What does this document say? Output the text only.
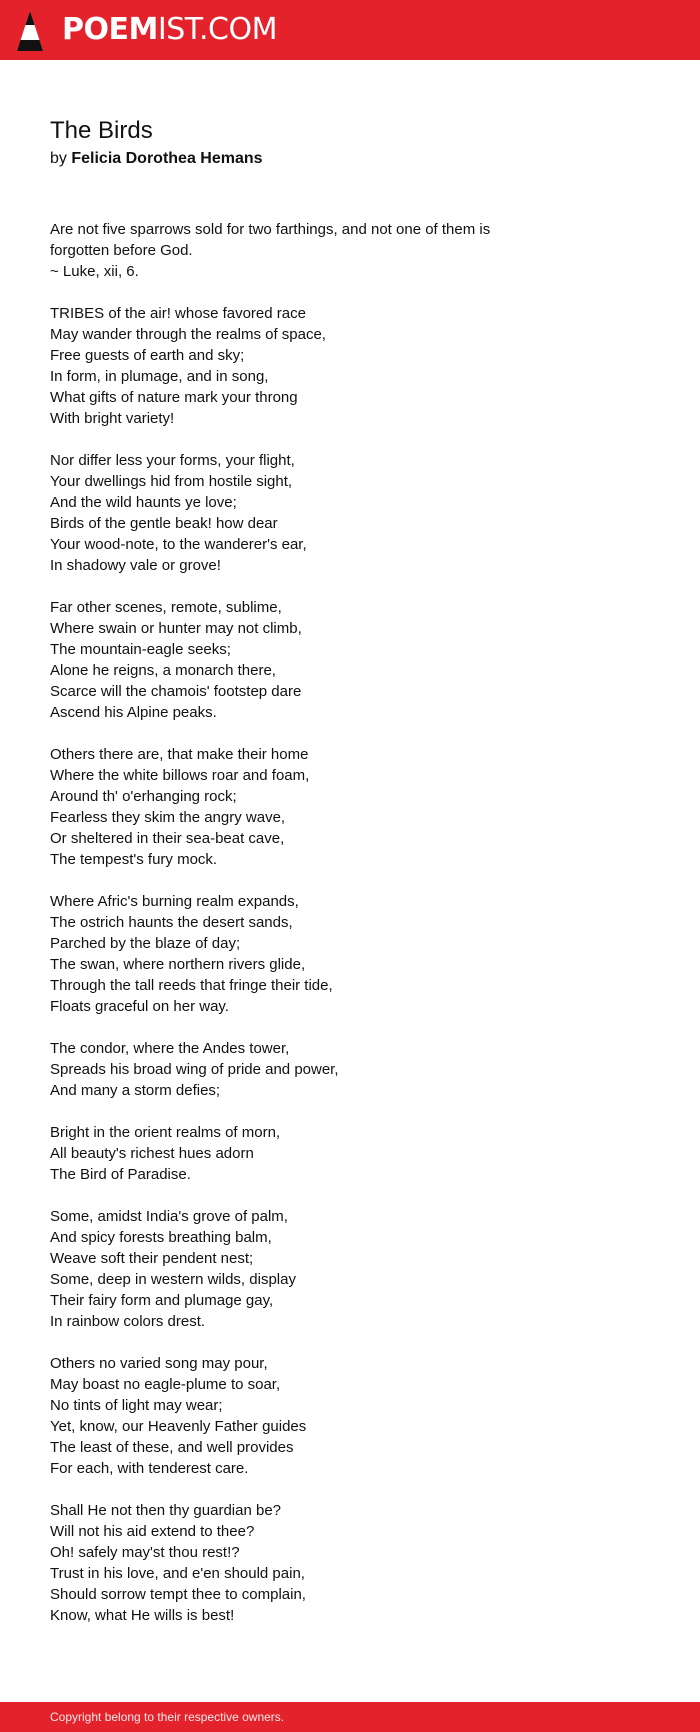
POEMIST.COM
The Birds
by Felicia Dorothea Hemans
Are not five sparrows sold for two farthings, and not one of them is
forgotten before God.
~ Luke, xii, 6.
TRIBES of the air! whose favored race
May wander through the realms of space,
Free guests of earth and sky;
In form, in plumage, and in song,
What gifts of nature mark your throng
With bright variety!
Nor differ less your forms, your flight,
Your dwellings hid from hostile sight,
And the wild haunts ye love;
Birds of the gentle beak! how dear
Your wood-note, to the wanderer's ear,
In shadowy vale or grove!
Far other scenes, remote, sublime,
Where swain or hunter may not climb,
The mountain-eagle seeks;
Alone he reigns, a monarch there,
Scarce will the chamois' footstep dare
Ascend his Alpine peaks.
Others there are, that make their home
Where the white billows roar and foam,
Around th' o'erhanging rock;
Fearless they skim the angry wave,
Or sheltered in their sea-beat cave,
The tempest's fury mock.
Where Afric's burning realm expands,
The ostrich haunts the desert sands,
Parched by the blaze of day;
The swan, where northern rivers glide,
Through the tall reeds that fringe their tide,
Floats graceful on her way.
The condor, where the Andes tower,
Spreads his broad wing of pride and power,
And many a storm defies;
Bright in the orient realms of morn,
All beauty's richest hues adorn
The Bird of Paradise.
Some, amidst India's grove of palm,
And spicy forests breathing balm,
Weave soft their pendent nest;
Some, deep in western wilds, display
Their fairy form and plumage gay,
In rainbow colors drest.
Others no varied song may pour,
May boast no eagle-plume to soar,
No tints of light may wear;
Yet, know, our Heavenly Father guides
The least of these, and well provides
For each, with tenderest care.
Shall He not then thy guardian be?
Will not his aid extend to thee?
Oh! safely may'st thou rest!?
Trust in his love, and e'en should pain,
Should sorrow tempt thee to complain,
Know, what He wills is best!
Copyright belong to their respective owners.
